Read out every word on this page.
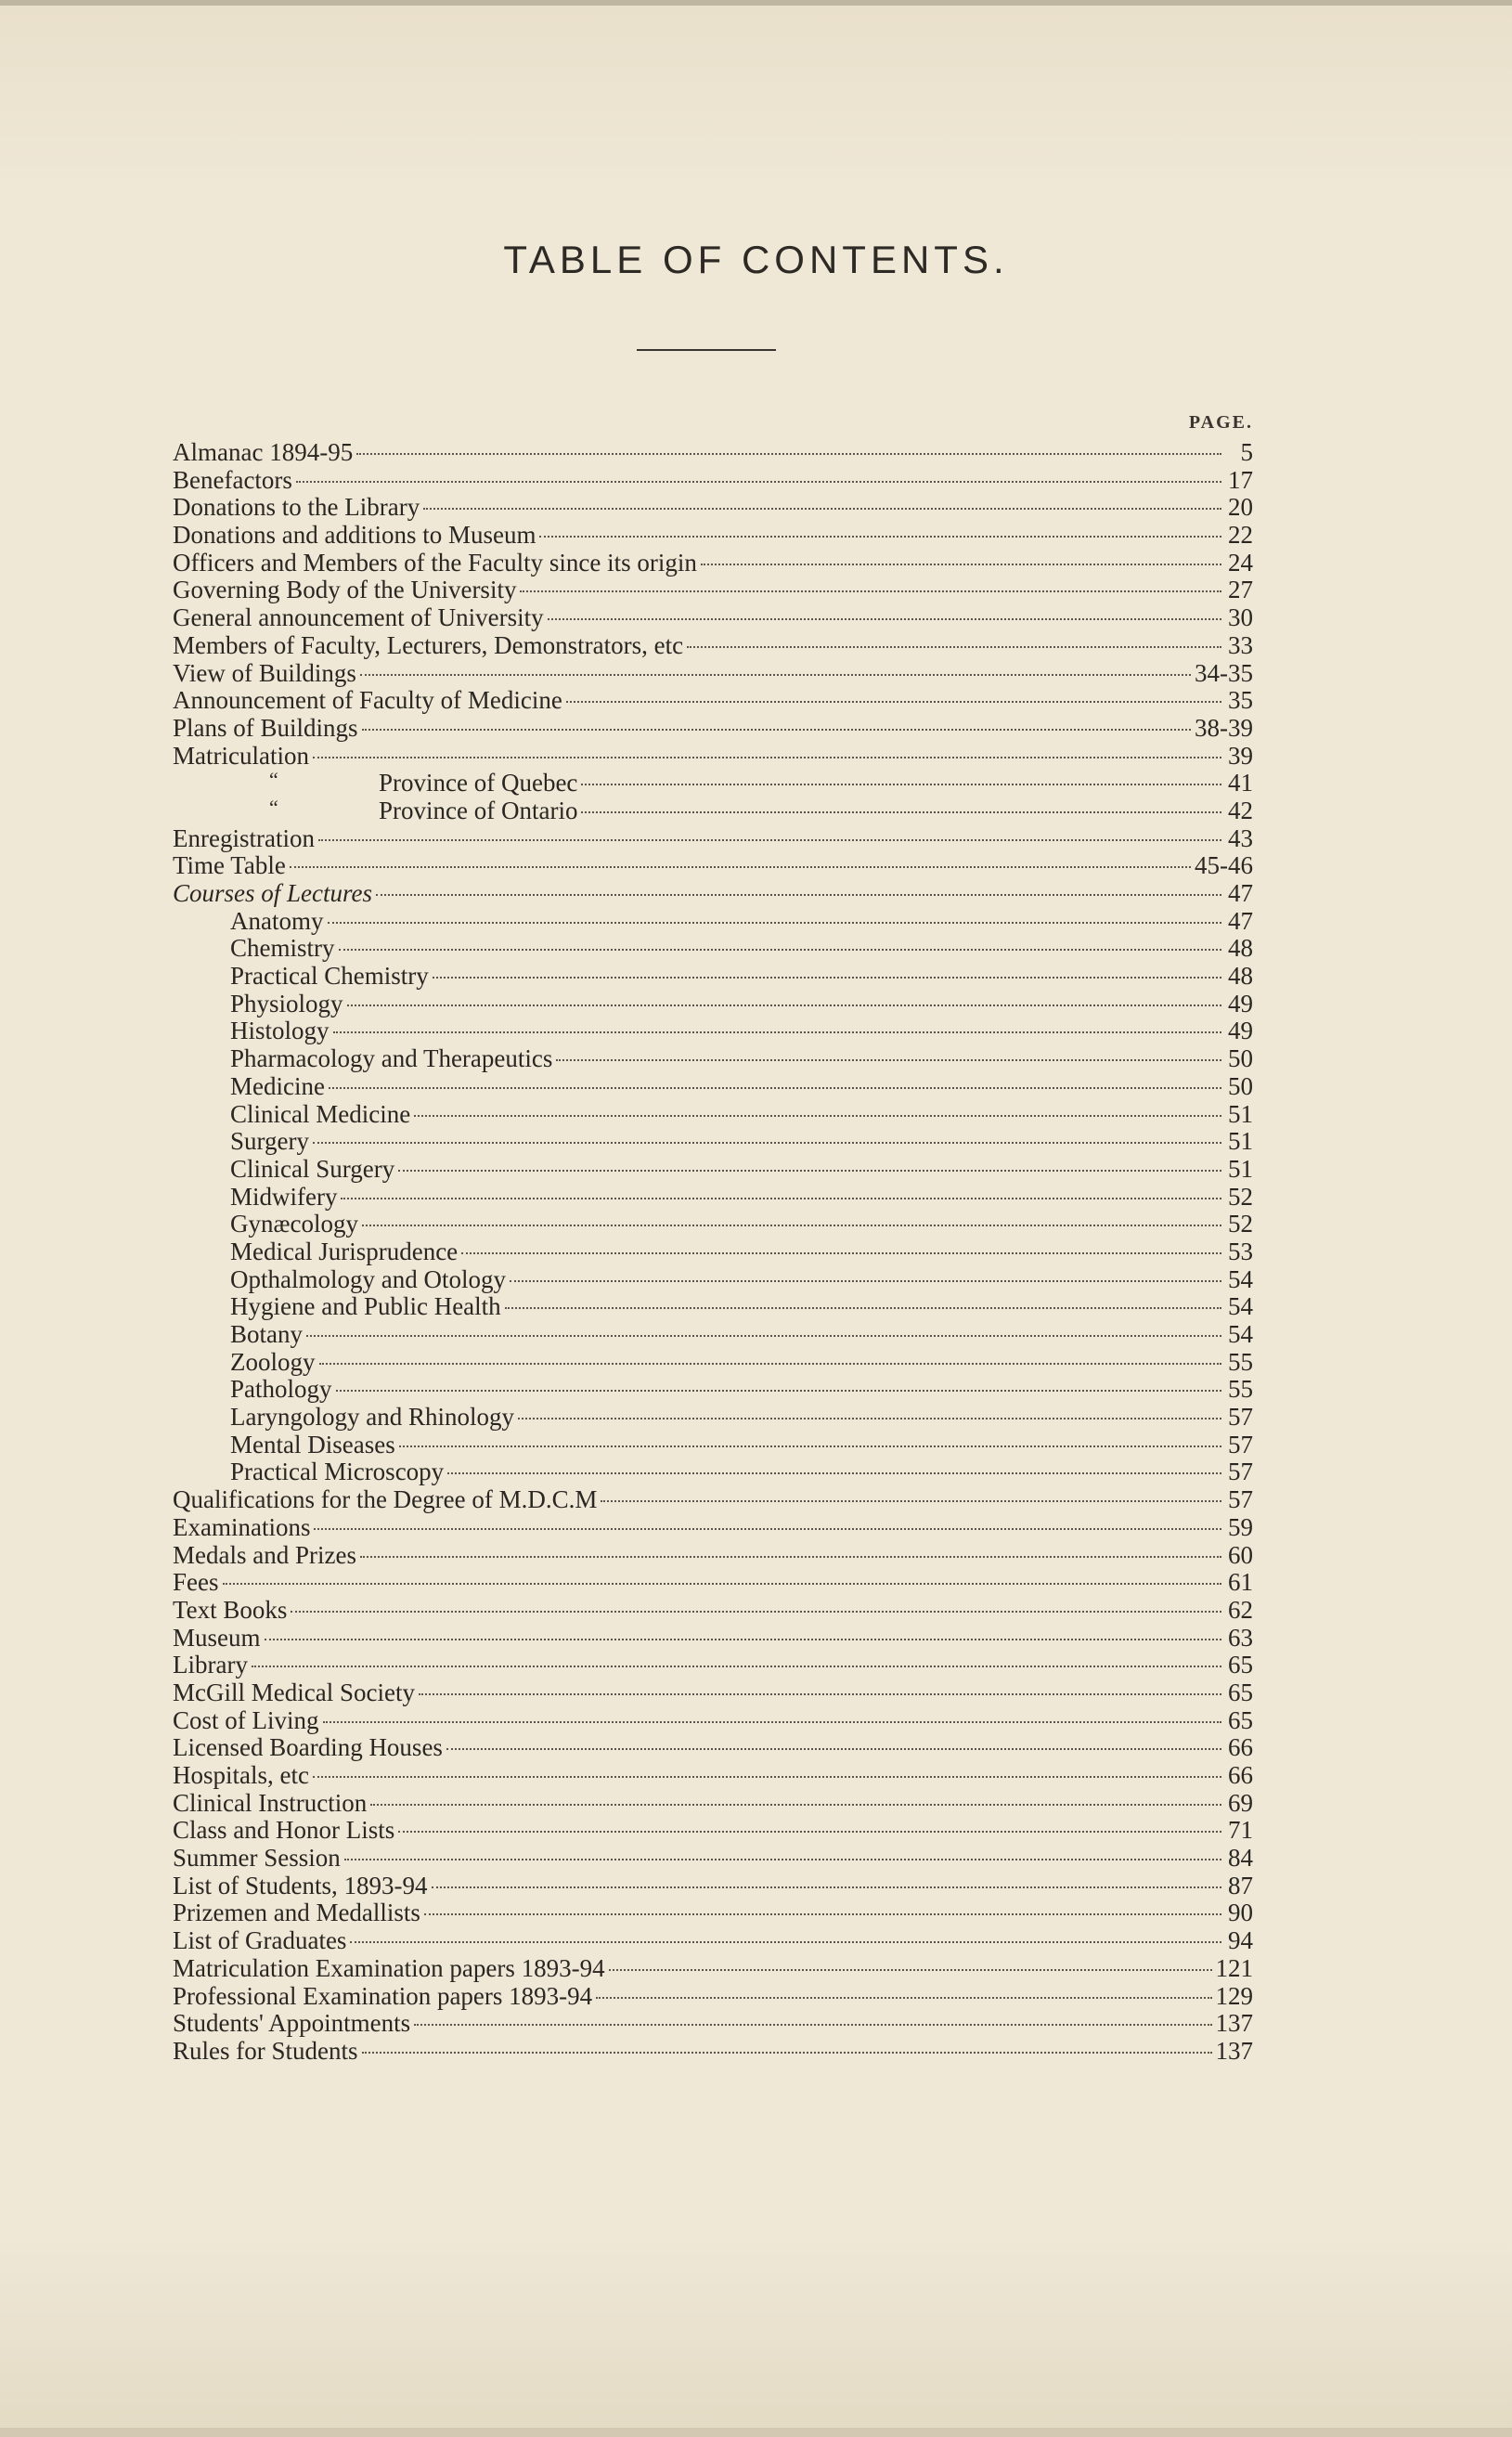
TABLE OF CONTENTS.
PAGE.
Almanac 1894-95	5
Benefactors	17
Donations to the Library	20
Donations and additions to Museum	22
Officers and Members of the Faculty since its origin	24
Governing Body of the University	27
General announcement of University	30
Members of Faculty, Lecturers, Demonstrators, etc	33
View of Buildings	34-35
Announcement of Faculty of Medicine	35
Plans of Buildings	38-39
Matriculation	39
“	Province of Quebec	41
“	Province of Ontario	42
Enregistration	43
Time Table	45-46
Courses of Lectures	47
Anatomy	47
Chemistry	48
Practical Chemistry	48
Physiology	49
Histology	49
Pharmacology and Therapeutics	50
Medicine	50
Clinical Medicine	51
Surgery	51
Clinical Surgery	51
Midwifery	52
Gynæcology	52
Medical Jurisprudence	53
Opthalmology and Otology	54
Hygiene and Public Health	54
Botany	54
Zoology	55
Pathology	55
Laryngology and Rhinology	57
Mental Diseases	57
Practical Microscopy	57
Qualifications for the Degree of M.D.C.M	57
Examinations	59
Medals and Prizes	60
Fees	61
Text Books	62
Museum	63
Library	65
McGill Medical Society	65
Cost of Living	65
Licensed Boarding Houses	66
Hospitals, etc	66
Clinical Instruction	69
Class and Honor Lists	71
Summer Session	84
List of Students, 1893-94	87
Prizemen and Medallists	90
List of Graduates	94
Matriculation Examination papers 1893-94	121
Professional Examination papers 1893-94	129
Students' Appointments	137
Rules for Students	137
